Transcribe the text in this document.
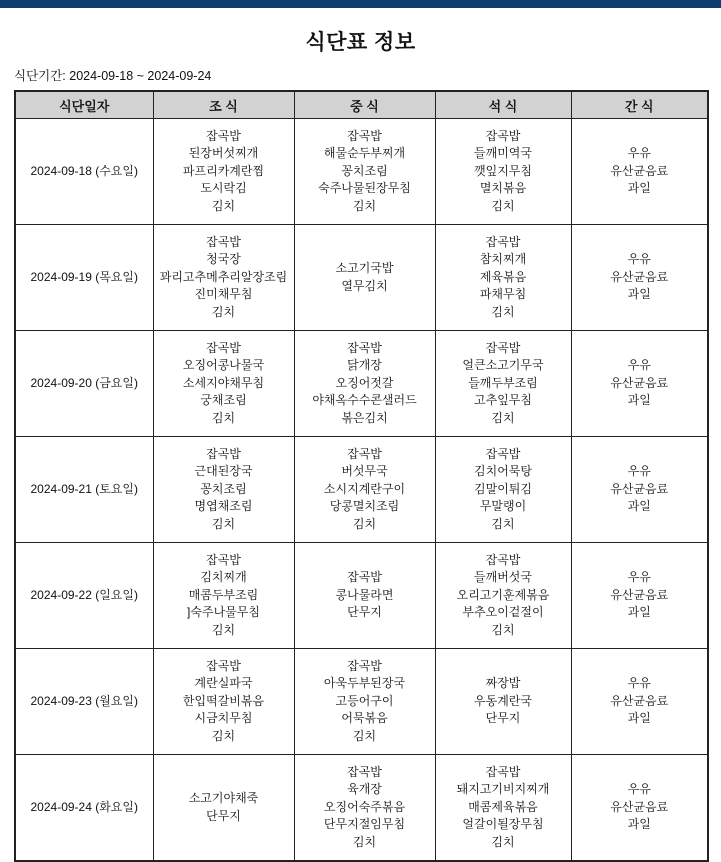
식단표 정보
식단기간: 2024-09-18 ~ 2024-09-24
식단일자	조 식	중 식	석 식	간 식
2024-09-18 (수요일)	
잡곡밥
된장버섯찌개
파프리카계란찜
도시락김
김치

잡곡밥
해물순두부찌개
꽁치조림
숙주나물된장무침
김치

잡곡밥
들깨미역국
깻잎지무침
멸치볶음
김치

우유
유산균음료
과일

2024-09-19 (목요일)	
잡곡밥
청국장
꽈리고추메추리알장조림
진미채무침
김치

소고기국밥
열무김치

잡곡밥
참치찌개
제육볶음
파채무침
김치

우유
유산균음료
과일

2024-09-20 (금요일)	
잡곡밥
오징어콩나물국
소세지야채무침
궁채조림
김치

잡곡밥
닭개장
오징어젓갈
야채옥수수콘샐러드
볶은김치

잡곡밥
얼큰소고기무국
들깨두부조림
고추잎무침
김치

우유
유산균음료
과일

2024-09-21 (토요일)	
잡곡밥
근대된장국
꽁치조림
명엽채조림
김치

잡곡밥
버섯무국
소시지계란구이
당콩멸치조림
김치

잡곡밥
김치어묵탕
김말이튀김
무말랭이
김치

우유
유산균음료
과일

2024-09-22 (일요일)	
잡곡밥
김치찌개
매콤두부조림
]숙주나물무침
김치

잡곡밥
콩나물라면
단무지

잡곡밥
들깨버섯국
오리고기훈제볶음
부추오이겉절이
김치

우유
유산균음료
과일

2024-09-23 (월요일)	
잡곡밥
계란실파국
한입떡갈비볶음
시금치무침
김치

잡곡밥
아욱두부된장국
고등어구이
어묵볶음
김치

짜장밥
우동계란국
단무지

우유
유산균음료
과일

2024-09-24 (화요일)	
소고기야채죽
단무지

잡곡밥
육개장
오징어숙주볶음
단무지절임무침
김치

잡곡밥
돼지고기비지찌개
매콤제육볶음
얼갈이될장무침
김치

우유
유산균음료
과일
